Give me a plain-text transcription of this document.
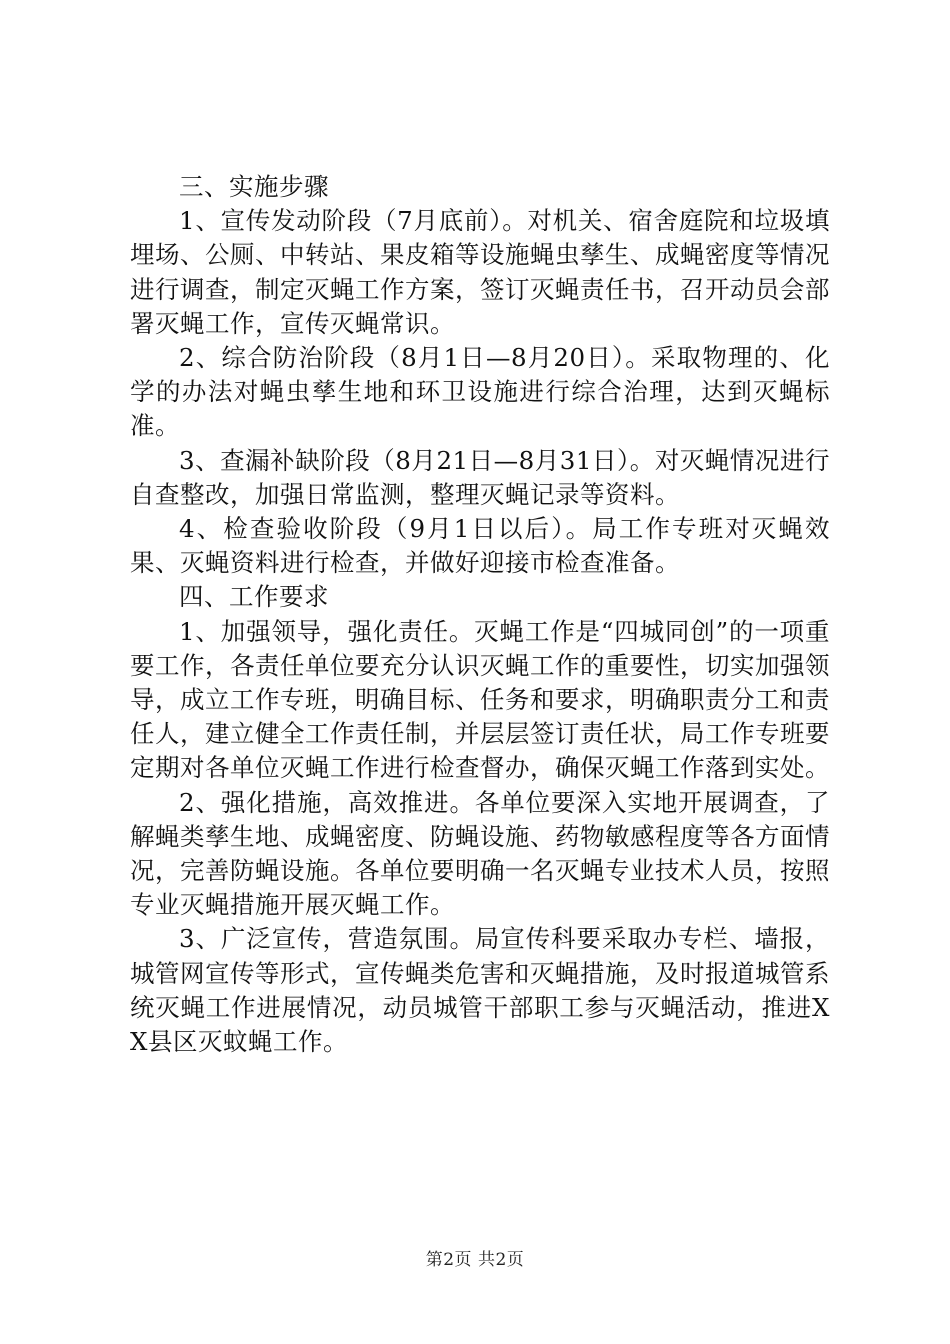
三、实施步骤

1、宣传发动阶段（7月底前）。对机关、宿舍庭院和垃圾填埋场、公厕、中转站、果皮箱等设施蝇虫孳生、成蝇密度等情况进行调查，制定灭蝇工作方案，签订灭蝇责任书，召开动员会部署灭蝇工作，宣传灭蝇常识。

2、综合防治阶段（8月1日—8月20日）。采取物理的、化学的办法对蝇虫孳生地和环卫设施进行综合治理，达到灭蝇标准。

3、查漏补缺阶段（8月21日—8月31日）。对灭蝇情况进行自查整改，加强日常监测，整理灭蝇记录等资料。

4、检查验收阶段（9月1日以后）。局工作专班对灭蝇效果、灭蝇资料进行检查，并做好迎接市检查准备。

四、工作要求

1、加强领导，强化责任。灭蝇工作是“四城同创”的一项重要工作，各责任单位要充分认识灭蝇工作的重要性，切实加强领导，成立工作专班，明确目标、任务和要求，明确职责分工和责任人，建立健全工作责任制，并层层签订责任状，局工作专班要定期对各单位灭蝇工作进行检查督办，确保灭蝇工作落到实处。

2、强化措施，高效推进。各单位要深入实地开展调查，了解蝇类孳生地、成蝇密度、防蝇设施、药物敏感程度等各方面情况，完善防蝇设施。各单位要明确一名灭蝇专业技术人员，按照专业灭蝇措施开展灭蝇工作。

3、广泛宣传，营造氛围。局宣传科要采取办专栏、墙报，城管网宣传等形式，宣传蝇类危害和灭蝇措施，及时报道城管系统灭蝇工作进展情况，动员城管干部职工参与灭蝇活动，推进XX县区灭蚊蝇工作。

第2页 共2页
